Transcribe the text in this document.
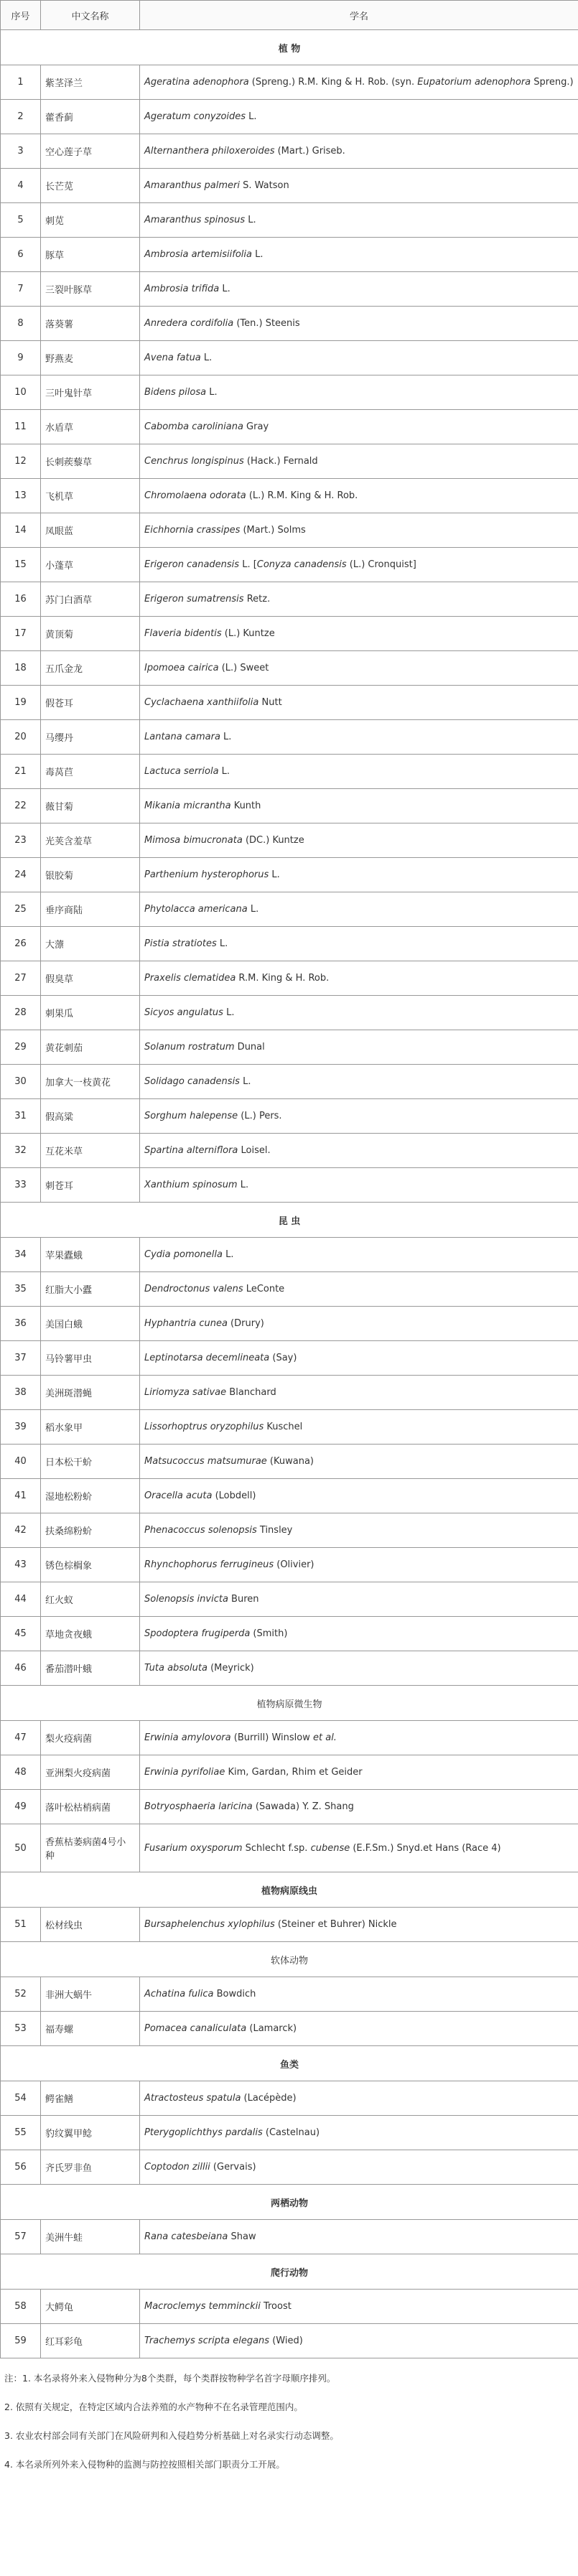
序号	中文名称	学名
植 物		
1	紫茎泽兰	Ageratina adenophora (Spreng.) R.M. King & H. Rob. (syn. Eupatorium adenophora Spreng.)
2	藿香蓟	Ageratum conyzoides L.
3	空心莲子草	Alternanthera philoxeroides (Mart.) Griseb.
4	长芒苋	Amaranthus palmeri S. Watson
5	刺苋	Amaranthus spinosus L.
6	豚草	Ambrosia artemisiifolia L.
7	三裂叶豚草	Ambrosia trifida L.
8	落葵薯	Anredera cordifolia (Ten.) Steenis
9	野燕麦	Avena fatua L.
10	三叶鬼针草	Bidens pilosa L.
11	水盾草	Cabomba caroliniana Gray
12	长刺蒺藜草	Cenchrus longispinus (Hack.) Fernald
13	飞机草	Chromolaena odorata (L.) R.M. King & H. Rob.
14	凤眼蓝	Eichhornia crassipes (Mart.) Solms
15	小蓬草	Erigeron canadensis L. [Conyza canadensis (L.) Cronquist]
16	苏门白酒草	Erigeron sumatrensis Retz.
17	黄顶菊	Flaveria bidentis (L.) Kuntze
18	五爪金龙	Ipomoea cairica (L.) Sweet
19	假苍耳	Cyclachaena xanthiifolia Nutt
20	马缨丹	Lantana camara L.
21	毒莴苣	Lactuca serriola L.
22	薇甘菊	Mikania micrantha Kunth
23	光荚含羞草	Mimosa bimucronata (DC.) Kuntze
24	银胶菊	Parthenium hysterophorus L.
25	垂序商陆	Phytolacca americana L.
26	大薸	Pistia stratiotes L.
27	假臭草	Praxelis clematidea R.M. King & H. Rob.
28	刺果瓜	Sicyos angulatus L.
29	黄花刺茄	Solanum rostratum Dunal
30	加拿大一枝黄花	Solidago canadensis L.
31	假高粱	Sorghum halepense (L.) Pers.
32	互花米草	Spartina alterniflora Loisel.
33	刺苍耳	Xanthium spinosum L.
昆 虫		
34	苹果蠹蛾	Cydia pomonella L.
35	红脂大小蠹	Dendroctonus valens LeConte
36	美国白蛾	Hyphantria cunea (Drury)
37	马铃薯甲虫	Leptinotarsa decemlineata (Say)
38	美洲斑潜蝇	Liriomyza sativae Blanchard
39	稻水象甲	Lissorhoptrus oryzophilus Kuschel
40	日本松干蚧	Matsucoccus matsumurae (Kuwana)
41	湿地松粉蚧	Oracella acuta (Lobdell)
42	扶桑绵粉蚧	Phenacoccus solenopsis Tinsley
43	锈色棕榈象	Rhynchophorus ferrugineus (Olivier)
44	红火蚁	Solenopsis invicta Buren
45	草地贪夜蛾	Spodoptera frugiperda (Smith)
46	番茄潜叶蛾	Tuta absoluta (Meyrick)
植物病原微生物		
47	梨火疫病菌	Erwinia amylovora (Burrill) Winslow et al.
48	亚洲梨火疫病菌	Erwinia pyrifoliae Kim, Gardan, Rhim et Geider
49	落叶松枯梢病菌	Botryosphaeria laricina (Sawada) Y. Z. Shang
50	香蕉枯萎病菌4号小种	Fusarium oxysporum Schlecht f.sp. cubense (E.F.Sm.) Snyd.et Hans (Race 4)
植物病原线虫		
51	松材线虫	Bursaphelenchus xylophilus (Steiner et Buhrer) Nickle
软体动物		
52	非洲大蜗牛	Achatina fulica Bowdich
53	福寿螺	Pomacea canaliculata (Lamarck)
鱼类		
54	鳄雀鳝	Atractosteus spatula (Lacépède)
55	豹纹翼甲鲶	Pterygoplichthys pardalis (Castelnau)
56	齐氏罗非鱼	Coptodon zillii (Gervais)
两栖动物		
57	美洲牛蛙	Rana catesbeiana Shaw
爬行动物		
58	大鳄龟	Macroclemys temminckii Troost
59	红耳彩龟	Trachemys scripta elegans (Wied)

注：1. 本名录将外来入侵物种分为8个类群，每个类群按物种学名首字母顺序排列。

2. 依照有关规定，在特定区域内合法养殖的水产物种不在名录管理范围内。

3. 农业农村部会同有关部门在风险研判和入侵趋势分析基础上对名录实行动态调整。

4. 本名录所列外来入侵物种的监测与防控按照相关部门职责分工开展。
